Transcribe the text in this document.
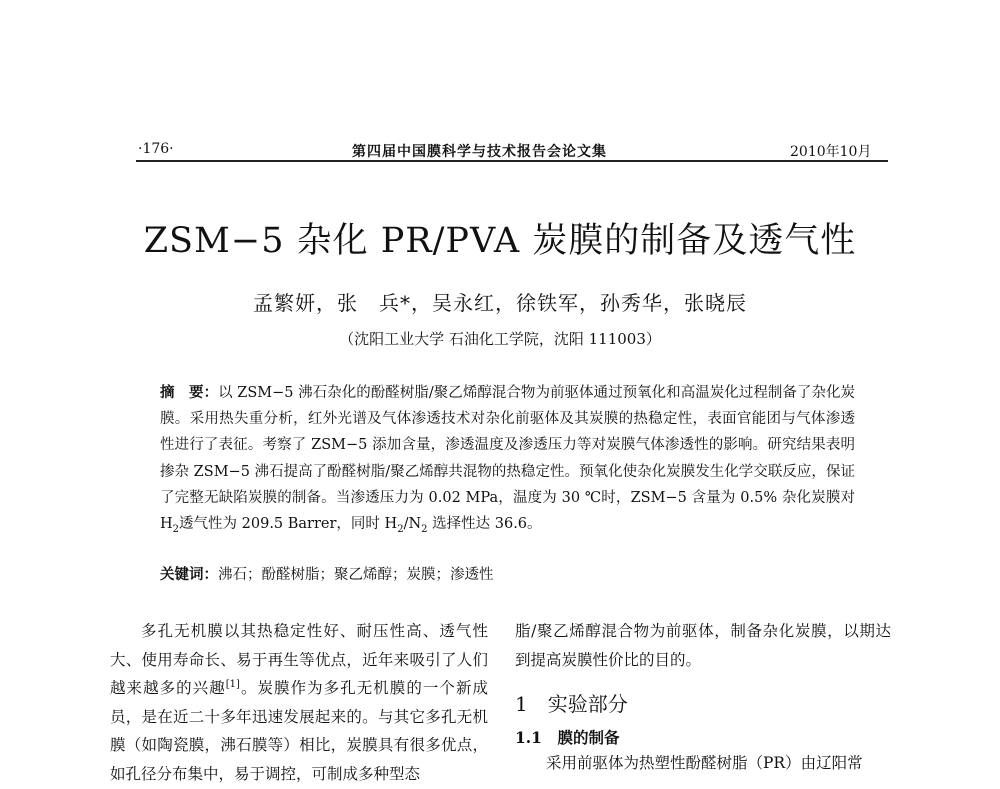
·176·	第四届中国膜科学与技术报告会论文集	2010年10月
ZSM−5 杂化 PR/PVA 炭膜的制备及透气性
孟繁妍，张　兵*，吴永红，徐铁军，孙秀华，张晓辰
（沈阳工业大学 石油化工学院，沈阳 111003）
摘　要：以 ZSM−5 沸石杂化的酚醛树脂/聚乙烯醇混合物为前驱体通过预氧化和高温炭化过程制备了杂化炭膜。采用热失重分析，红外光谱及气体渗透技术对杂化前驱体及其炭膜的热稳定性，表面官能团与气体渗透性进行了表征。考察了 ZSM−5 添加含量，渗透温度及渗透压力等对炭膜气体渗透性的影响。研究结果表明掺杂 ZSM−5 沸石提高了酚醛树脂/聚乙烯醇共混物的热稳定性。预氧化使杂化炭膜发生化学交联反应，保证了完整无缺陷炭膜的制备。当渗透压力为 0.02 MPa，温度为 30 ℃时，ZSM−5 含量为 0.5% 杂化炭膜对 $H_2$透气性为 209.5 Barrer，同时 $H_2/N_2$ 选择性达 36.6。
关键词：沸石；酚醛树脂；聚乙烯醇；炭膜；渗透性

多孔无机膜以其热稳定性好、耐压性高、透气性大、使用寿命长、易于再生等优点，近年来吸引了人们越来越多的兴趣[1]。炭膜作为多孔无机膜的一个新成员，是在近二十多年迅速发展起来的。与其它多孔无机膜（如陶瓷膜，沸石膜等）相比，炭膜具有很多优点，如孔径分布集中，易于调控，可制成多种型态

脂/聚乙烯醇混合物为前驱体，制备杂化炭膜，以期达到提高炭膜性价比的目的。

1　实验部分
1.1　膜的制备
采用前驱体为热塑性酚醛树脂（PR）由辽阳常
